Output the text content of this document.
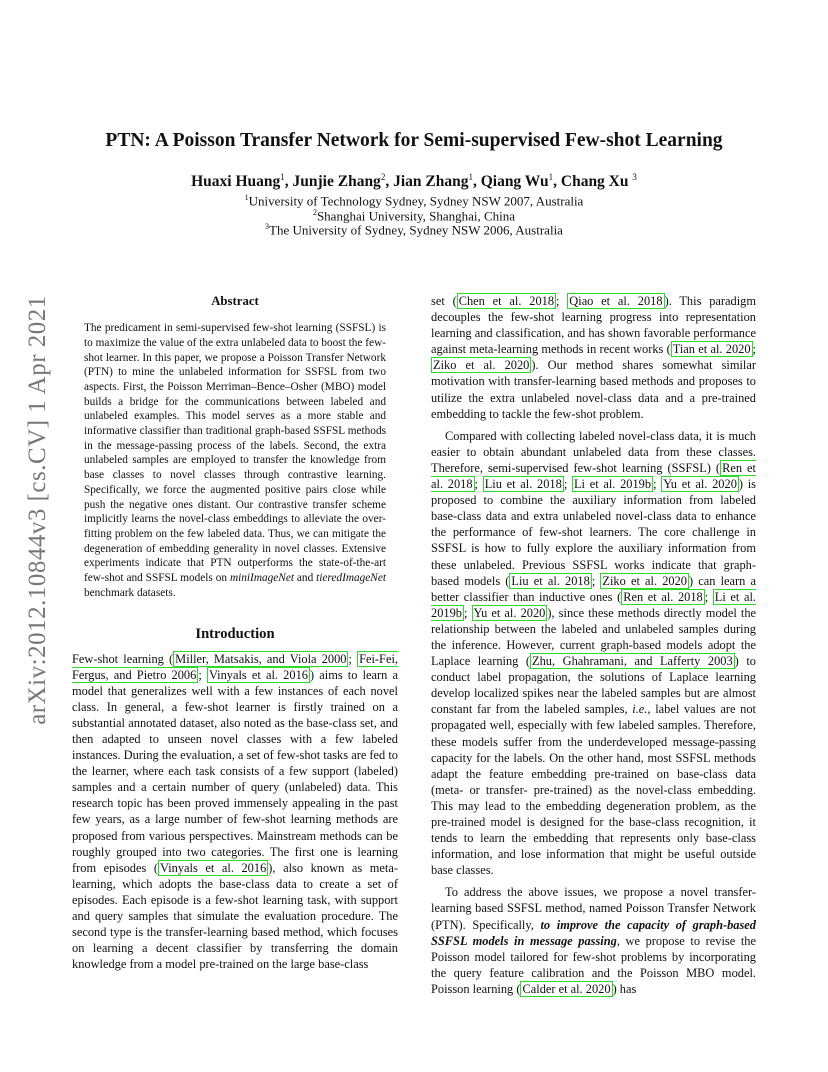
arXiv:2012.10844v3 [cs.CV] 1 Apr 2021
PTN: A Poisson Transfer Network for Semi-supervised Few-shot Learning
Huaxi Huang$^1$, Junjie Zhang$^2$, Jian Zhang$^1$, Qiang Wu$^1$, Chang Xu $^3$
$^1$University of Technology Sydney, Sydney NSW 2007, Australia
$^2$Shanghai University, Shanghai, China
$^3$The University of Sydney, Sydney NSW 2006, Australia

Abstract

The predicament in semi-supervised few-shot learning (SSFSL) is to maximize the value of the extra unlabeled data to boost the few-shot learner. In this paper, we propose a Poisson Transfer Network (PTN) to mine the unlabeled information for SSFSL from two aspects. First, the Poisson Merriman–Bence–Osher (MBO) model builds a bridge for the communications between labeled and unlabeled examples. This model serves as a more stable and informative classifier than traditional graph-based SSFSL methods in the message-passing process of the labels. Second, the extra unlabeled samples are employed to transfer the knowledge from base classes to novel classes through contrastive learning. Specifically, we force the augmented positive pairs close while push the negative ones distant. Our contrastive transfer scheme implicitly learns the novel-class embeddings to alleviate the over-fitting problem on the few labeled data. Thus, we can mitigate the degeneration of embedding generality in novel classes. Extensive experiments indicate that PTN outperforms the state-of-the-art few-shot and SSFSL models on miniImageNet and tieredImageNet benchmark datasets.

Introduction

Few-shot learning ( Miller, Matsakis, and Viola 2000 ; Fei-Fei, Fergus, and Pietro 2006 ; Vinyals et al. 2016 ) aims to learn a model that generalizes well with a few instances of each novel class. In general, a few-shot learner is firstly trained on a substantial annotated dataset, also noted as the base-class set, and then adapted to unseen novel classes with a few labeled instances. During the evaluation, a set of few-shot tasks are fed to the learner, where each task consists of a few support (labeled) samples and a certain number of query (unlabeled) data. This research topic has been proved immensely appealing in the past few years, as a large number of few-shot learning methods are proposed from various perspectives. Mainstream methods can be roughly grouped into two categories. The first one is learning from episodes ( Vinyals et al. 2016 ), also known as meta-learning, which adopts the base-class data to create a set of episodes. Each episode is a few-shot learning task, with support and query samples that simulate the evaluation procedure. The second type is the transfer-learning based method, which focuses on learning a decent classifier by transferring the domain knowledge from a model pre-trained on the large base-class

set ( Chen et al. 2018 ; Qiao et al. 2018 ). This paradigm decouples the few-shot learning progress into representation learning and classification, and has shown favorable performance against meta-learning methods in recent works ( Tian et al. 2020 ; Ziko et al. 2020 ). Our method shares somewhat similar motivation with transfer-learning based methods and proposes to utilize the extra unlabeled novel-class data and a pre-trained embedding to tackle the few-shot problem.

Compared with collecting labeled novel-class data, it is much easier to obtain abundant unlabeled data from these classes. Therefore, semi-supervised few-shot learning (SSFSL) ( Ren et al. 2018 ; Liu et al. 2018 ; Li et al. 2019b ; Yu et al. 2020 ) is proposed to combine the auxiliary information from labeled base-class data and extra unlabeled novel-class data to enhance the performance of few-shot learners. The core challenge in SSFSL is how to fully explore the auxiliary information from these unlabeled. Previous SSFSL works indicate that graph-based models ( Liu et al. 2018 ; Ziko et al. 2020 ) can learn a better classifier than inductive ones ( Ren et al. 2018 ; Li et al. 2019b ; Yu et al. 2020 ), since these methods directly model the relationship between the labeled and unlabeled samples during the inference. However, current graph-based models adopt the Laplace learning ( Zhu, Ghahramani, and Lafferty 2003 ) to conduct label propagation, the solutions of Laplace learning develop localized spikes near the labeled samples but are almost constant far from the labeled samples, i.e., label values are not propagated well, especially with few labeled samples. Therefore, these models suffer from the underdeveloped message-passing capacity for the labels. On the other hand, most SSFSL methods adapt the feature embedding pre-trained on base-class data (meta- or transfer- pre-trained) as the novel-class embedding. This may lead to the embedding degeneration problem, as the pre-trained model is designed for the base-class recognition, it tends to learn the embedding that represents only base-class information, and lose information that might be useful outside base classes.

To address the above issues, we propose a novel transfer-learning based SSFSL method, named Poisson Transfer Network (PTN). Specifically, to improve the capacity of graph-based SSFSL models in message passing, we propose to revise the Poisson model tailored for few-shot problems by incorporating the query feature calibration and the Poisson MBO model. Poisson learning ( Calder et al. 2020 ) has
